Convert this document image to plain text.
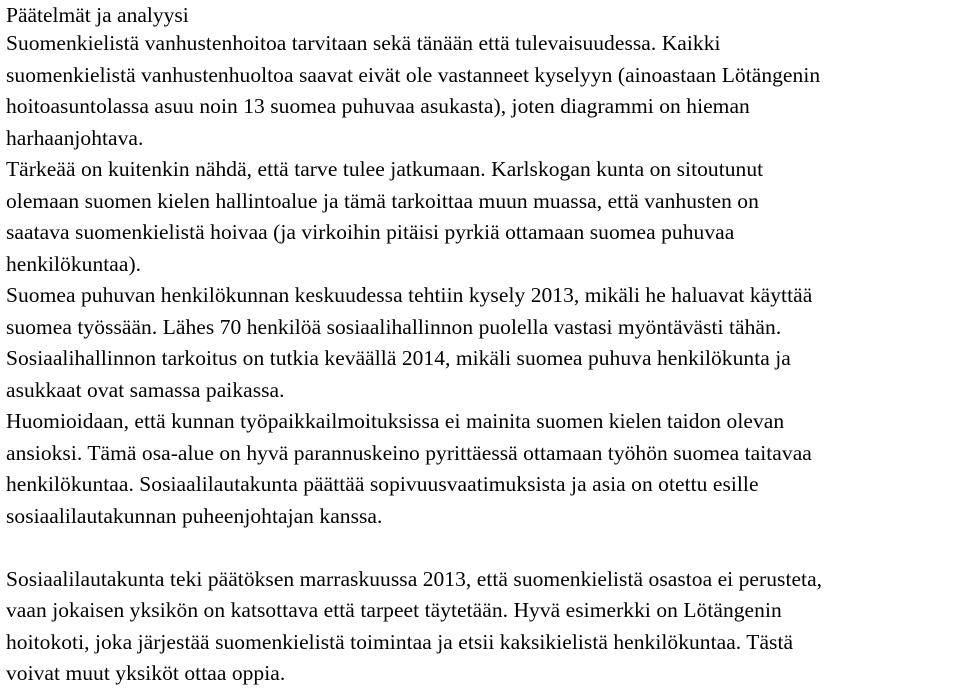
Päätelmät ja analyysi
Suomenkielistä vanhustenhoitoa tarvitaan sekä tänään että tulevaisuudessa. Kaikki
suomenkielistä vanhustenhuoltoa saavat eivät ole vastanneet kyselyyn (ainoastaan Lötängenin
hoitoasuntolassa asuu noin 13 suomea puhuvaa asukasta), joten diagrammi on hieman
harhaanjohtava.
Tärkeää on kuitenkin nähdä, että tarve tulee jatkumaan. Karlskogan kunta on sitoutunut
olemaan suomen kielen hallintoalue ja tämä tarkoittaa muun muassa, että vanhusten on
saatava suomenkielistä hoivaa (ja virkoihin pitäisi pyrkiä ottamaan suomea puhuvaa
henkilökuntaa).
Suomea puhuvan henkilökunnan keskuudessa tehtiin kysely 2013, mikäli he haluavat käyttää
suomea työssään. Lähes 70 henkilöä sosiaalihallinnon puolella vastasi myöntävästi tähän.
Sosiaalihallinnon tarkoitus on tutkia keväällä 2014, mikäli suomea puhuva henkilökunta ja
asukkaat ovat samassa paikassa.
Huomioidaan, että kunnan työpaikkailmoituksissa ei mainita suomen kielen taidon olevan
ansioksi. Tämä osa-alue on hyvä parannuskeino pyrittäessä ottamaan työhön suomea taitavaa
henkilökuntaa. Sosiaalilautakunta päättää sopivuusvaatimuksista ja asia on otettu esille
sosiaalilautakunnan puheenjohtajan kanssa.
Sosiaalilautakunta teki päätöksen marraskuussa 2013, että suomenkielistä osastoa ei perusteta,
vaan jokaisen yksikön on katsottava että tarpeet täytetään. Hyvä esimerkki on Lötängenin
hoitokoti, joka järjestää suomenkielistä toimintaa ja etsii kaksikielistä henkilökuntaa. Tästä
voivat muut yksiköt ottaa oppia.
